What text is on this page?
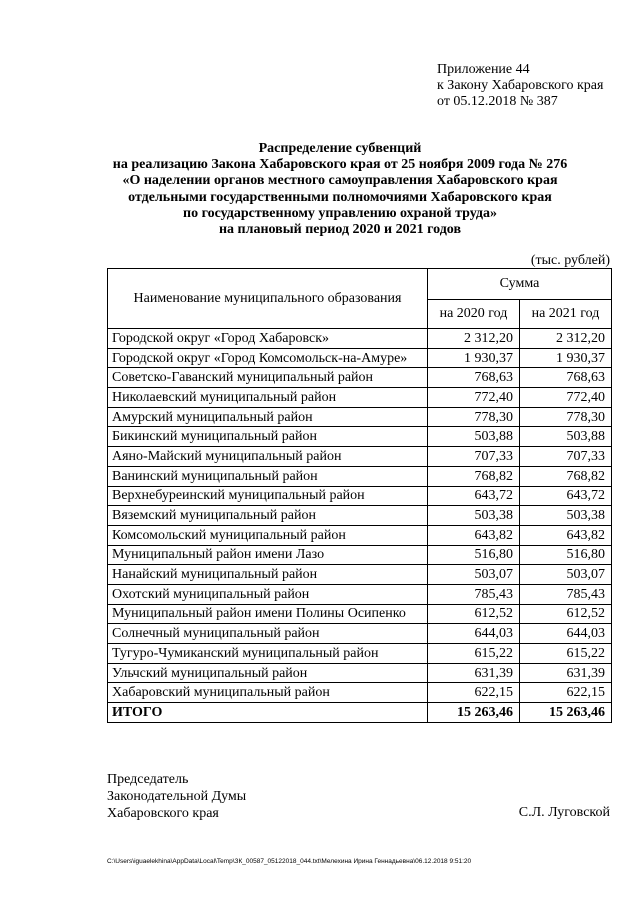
Приложение 44
к Закону Хабаровского края
от 05.12.2018 № 387
Распределение субвенций
на реализацию Закона Хабаровского края от 25 ноября 2009 года № 276
«О наделении органов местного самоуправления Хабаровского края
отдельными государственными полномочиями Хабаровского края
по государственному управлению охраной труда»
на плановый период 2020 и 2021 годов
(тыс. рублей)
Наименование муниципального образования	Сумма	
	на 2020 год	на 2021 год
Городской округ «Город Хабаровск»	2 312,20	2 312,20
Городской округ «Город Комсомольск-на-Амуре»	1 930,37	1 930,37
Советско-Гаванский муниципальный район	768,63	768,63
Николаевский муниципальный район	772,40	772,40
Амурский муниципальный район	778,30	778,30
Бикинский муниципальный район	503,88	503,88
Аяно-Майский муниципальный район	707,33	707,33
Ванинский муниципальный район	768,82	768,82
Верхнебуреинский муниципальный район	643,72	643,72
Вяземский муниципальный район	503,38	503,38
Комсомольский муниципальный район	643,82	643,82
Муниципальный район имени Лазо	516,80	516,80
Нанайский муниципальный район	503,07	503,07
Охотский муниципальный район	785,43	785,43
Муниципальный район имени Полины Осипенко	612,52	612,52
Солнечный муниципальный район	644,03	644,03
Тугуро-Чумиканский муниципальный район	615,22	615,22
Ульчский муниципальный район	631,39	631,39
Хабаровский муниципальный район	622,15	622,15
ИТОГО	15 263,46	15 263,46
Председатель
Законодательной Думы
Хабаровского края	С.Л. Луговской
C:\Users\iguaelekhina\AppData\Local\Temp\ЗК_00587_05122018_044.txt\Мелехина Ирина Геннадьевна\06.12.2018 9:51:20
